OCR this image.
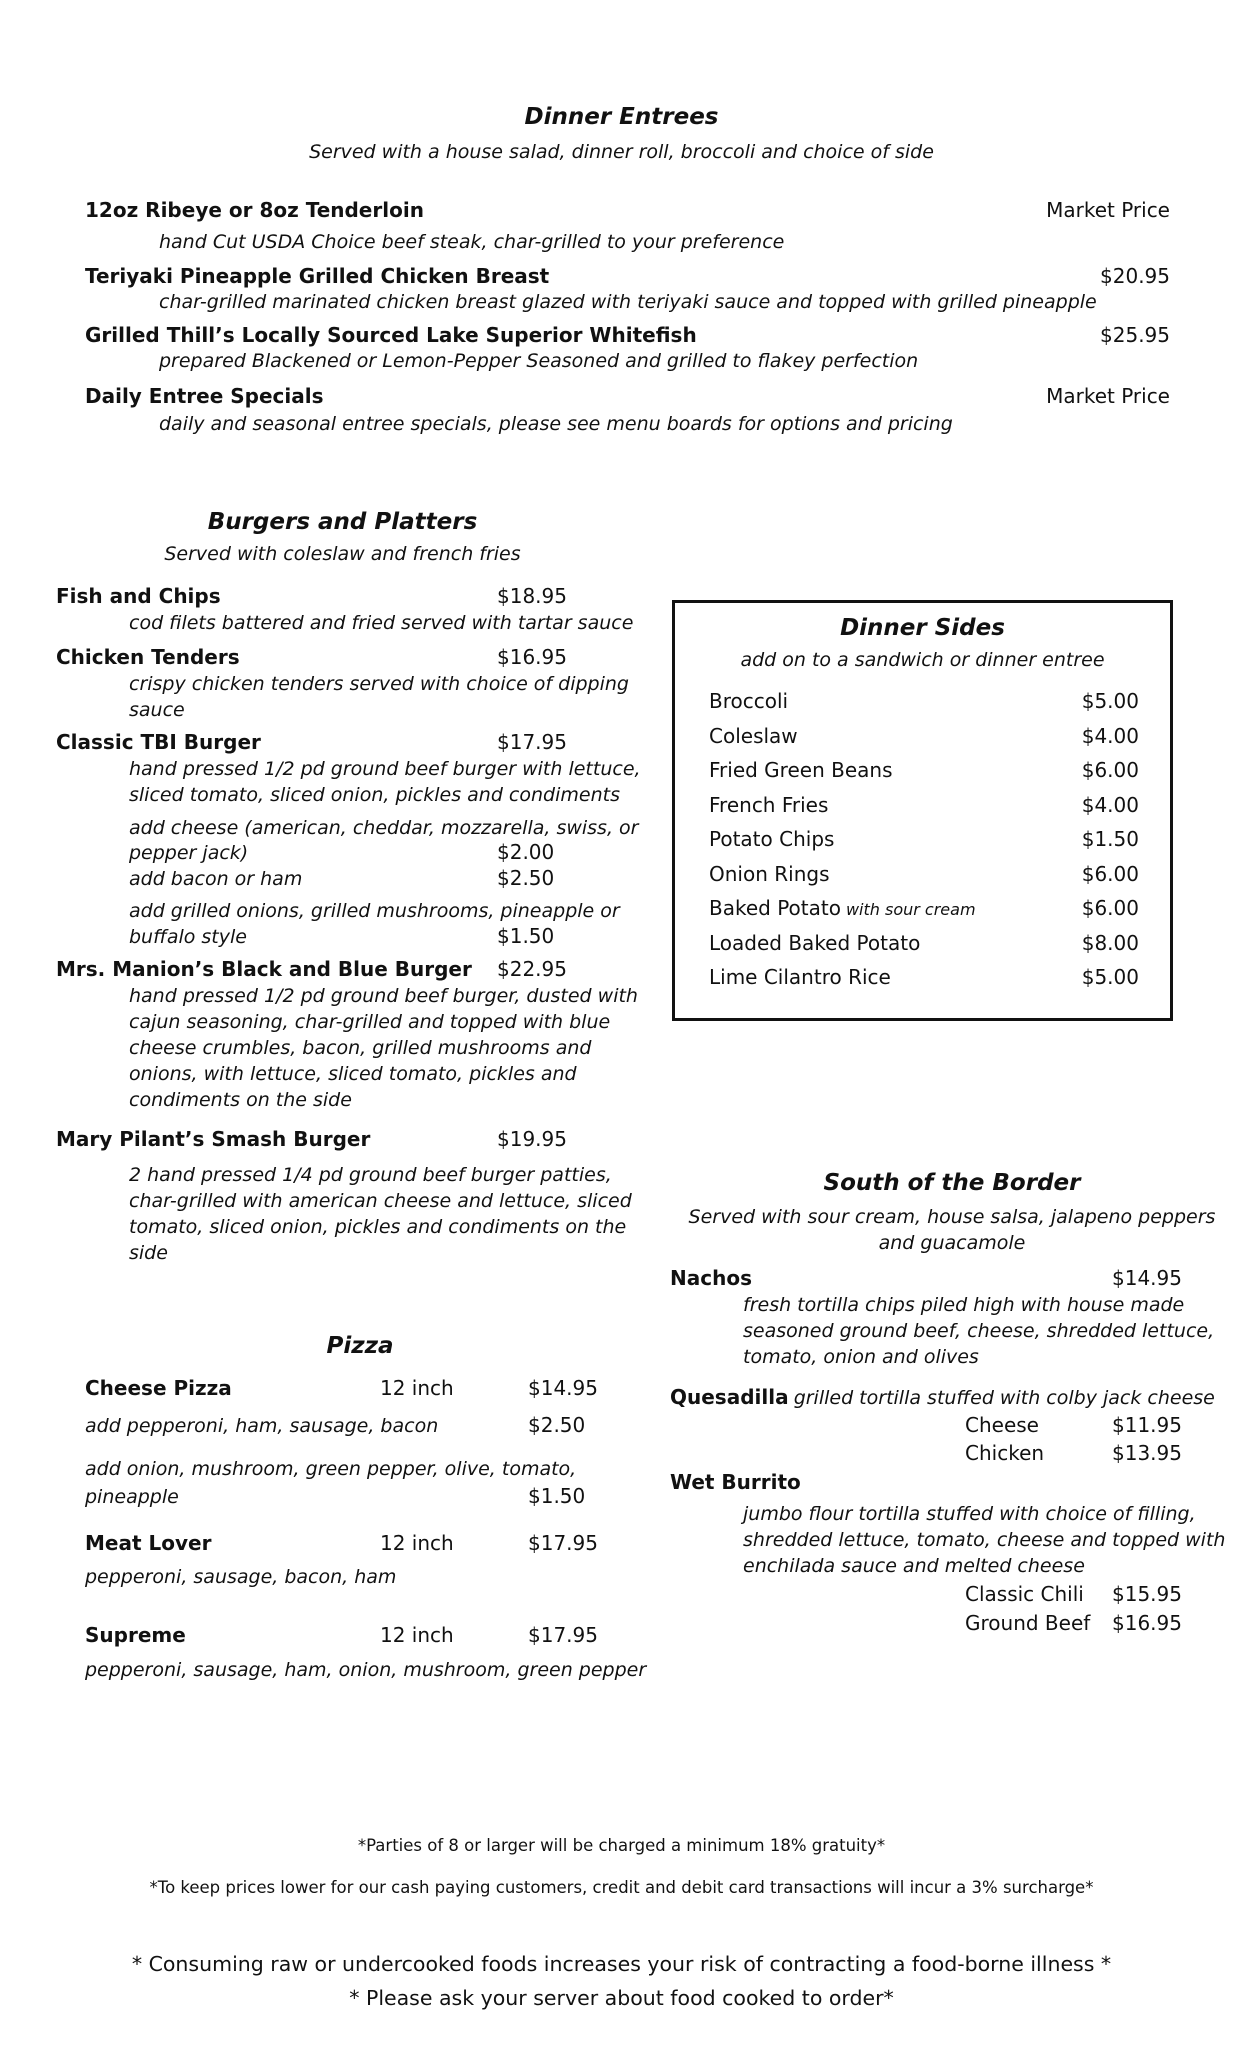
Dinner Entrees
Served with a house salad, dinner roll, broccoli and choice of side
12oz Ribeye or 8oz Tenderloin	Market Price
hand Cut USDA Choice beef steak, char-grilled to your preference
Teriyaki Pineapple Grilled Chicken Breast	$20.95
char-grilled marinated chicken breast glazed with teriyaki sauce and topped with grilled pineapple
Grilled Thill’s Locally Sourced Lake Superior Whitefish	$25.95
prepared Blackened or Lemon-Pepper Seasoned and grilled to flakey perfection
Daily Entree Specials	Market Price
daily and seasonal entree specials, please see menu boards for options and pricing
Burgers and Platters
Served with coleslaw and french fries
Fish and Chips	$18.95
cod filets battered and fried served with tartar sauce
Chicken Tenders	$16.95
crispy chicken tenders served with choice of dipping
sauce
Classic TBI Burger	$17.95
hand pressed 1/2 pd ground beef burger with lettuce,
sliced tomato, sliced onion, pickles and condiments
add cheese (american, cheddar, mozzarella, swiss, or
pepper jack)	$2.00
add bacon or ham	$2.50
add grilled onions, grilled mushrooms, pineapple or
buffalo style	$1.50
Mrs. Manion’s Black and Blue Burger $22.95
hand pressed 1/2 pd ground beef burger, dusted with
cajun seasoning, char-grilled and topped with blue
cheese crumbles, bacon, grilled mushrooms and
onions, with lettuce, sliced tomato, pickles and
condiments on the side
Mary Pilant’s Smash Burger	$19.95
2 hand pressed 1/4 pd ground beef burger patties,
char-grilled with american cheese and lettuce, sliced
tomato, sliced onion, pickles and condiments on the
side
Dinner Sides
add on to a sandwich or dinner entree
Broccoli	$5.00
Coleslaw	$4.00
Fried Green Beans	$6.00
French Fries	$4.00
Potato Chips	$1.50
Onion Rings	$6.00
Baked Potato with sour cream	$6.00
Loaded Baked Potato	$8.00
Lime Cilantro Rice	$5.00
South of the Border
Served with sour cream, house salsa, jalapeno peppers
and guacamole
Nachos	$14.95
fresh tortilla chips piled high with house made
seasoned ground beef, cheese, shredded lettuce,
tomato, onion and olives
Quesadilla grilled tortilla stuffed with colby jack cheese
Cheese	$11.95
Chicken	$13.95
Wet Burrito
jumbo flour tortilla stuffed with choice of filling,
shredded lettuce, tomato, cheese and topped with
enchilada sauce and melted cheese
Classic Chili $15.95
Ground Beef $16.95
Pizza
Cheese Pizza	12 inch	$14.95
add pepperoni, ham, sausage, bacon	$2.50
add onion, mushroom, green pepper, olive, tomato,
pineapple	$1.50
Meat Lover	12 inch	$17.95
pepperoni, sausage, bacon, ham
Supreme	12 inch	$17.95
pepperoni, sausage, ham, onion, mushroom, green pepper
*Parties of 8 or larger will be charged a minimum 18% gratuity*
*To keep prices lower for our cash paying customers, credit and debit card transactions will incur a 3% surcharge*
* Consuming raw or undercooked foods increases your risk of contracting a food-borne illness *
* Please ask your server about food cooked to order*
